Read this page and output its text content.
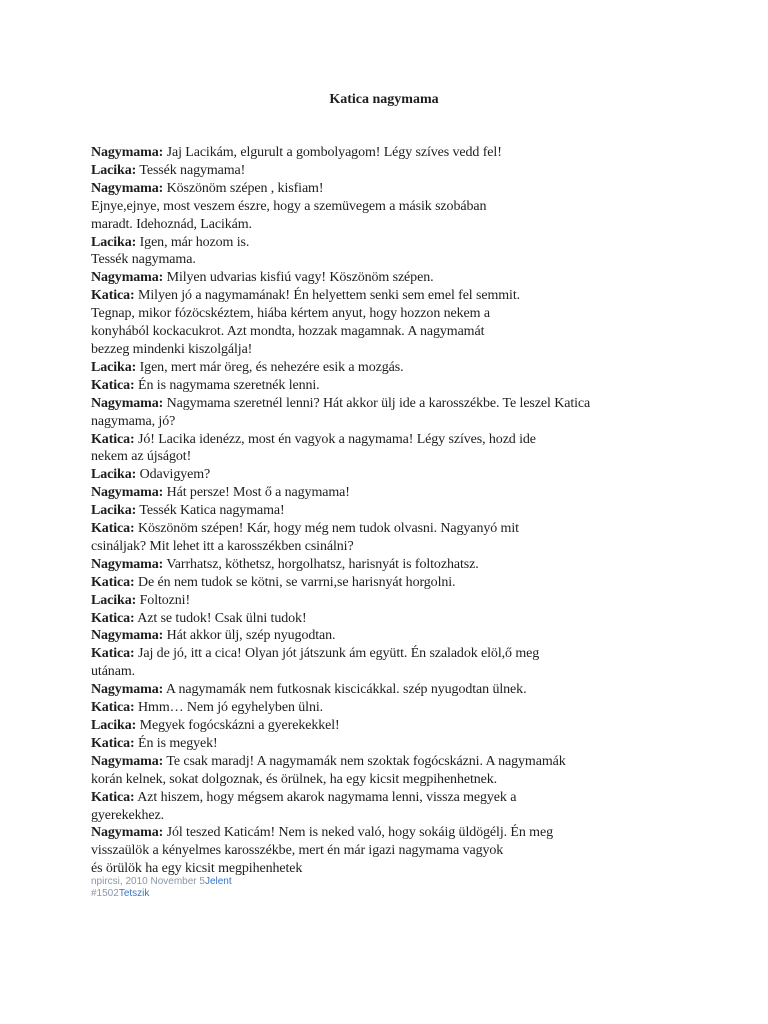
Katica nagymama
Nagymama: Jaj Lacikám, elgurult a gombolyagom! Légy szíves vedd fel!
Lacika: Tessék nagymama!
Nagymama: Köszönöm szépen , kisfiam!
Ejnye,ejnye, most veszem észre, hogy a szemüvegem a másik szobában
maradt. Idehoznád, Lacikám.
Lacika: Igen, már hozom is.
Tessék nagymama.
Nagymama: Milyen udvarias kisfiú vagy! Köszönöm szépen.
Katica: Milyen jó a nagymamának! Én helyettem senki sem emel fel semmit.
Tegnap, mikor fózöcskéztem, hiába kértem anyut, hogy hozzon nekem a
konyhából kockacukrot. Azt mondta, hozzak magamnak. A nagymamát
bezzeg mindenki kiszolgálja!
Lacika: Igen, mert már öreg, és nehezére esik a mozgás.
Katica: Én is nagymama szeretnék lenni.
Nagymama: Nagymama szeretnél lenni? Hát akkor ülj ide a karosszékbe. Te leszel Katica
nagymama, jó?
Katica: Jó! Lacika idenézz, most én vagyok a nagymama! Légy szíves, hozd ide
nekem az újságot!
Lacika: Odavigyem?
Nagymama: Hát persze! Most ő a nagymama!
Lacika: Tessék Katica nagymama!
Katica: Köszönöm szépen! Kár, hogy még nem tudok olvasni. Nagyanyó mit
csináljak? Mit lehet itt a karosszékben csinálni?
Nagymama: Varrhatsz, köthetsz, horgolhatsz, harisnyát is foltozhatsz.
Katica: De én nem tudok se kötni, se varrni,se harisnyát horgolni.
Lacika: Foltozni!
Katica: Azt se tudok! Csak ülni tudok!
Nagymama: Hát akkor ülj, szép nyugodtan.
Katica: Jaj de jó, itt a cica! Olyan jót játszunk ám együtt. Én szaladok elöl,ő meg
utánam.
Nagymama: A nagymamák nem futkosnak kiscicákkal. szép nyugodtan ülnek.
Katica: Hmm… Nem jó egyhelyben ülni.
Lacika: Megyek fogócskázni a gyerekekkel!
Katica: Én is megyek!
Nagymama: Te csak maradj! A nagymamák nem szoktak fogócskázni. A nagymamák
korán kelnek, sokat dolgoznak, és örülnek, ha egy kicsit megpihenhetnek.
Katica: Azt hiszem, hogy mégsem akarok nagymama lenni, vissza megyek a
gyerekekhez.
Nagymama: Jól teszed Katicám! Nem is neked való, hogy sokáig üldögélj. Én meg
visszaülök a kényelmes karosszékbe, mert én már igazi nagymama vagyok
és örülök ha egy kicsit megpihenhetek
npircsi, 2010 November 5Jelent
#1502Tetszik
